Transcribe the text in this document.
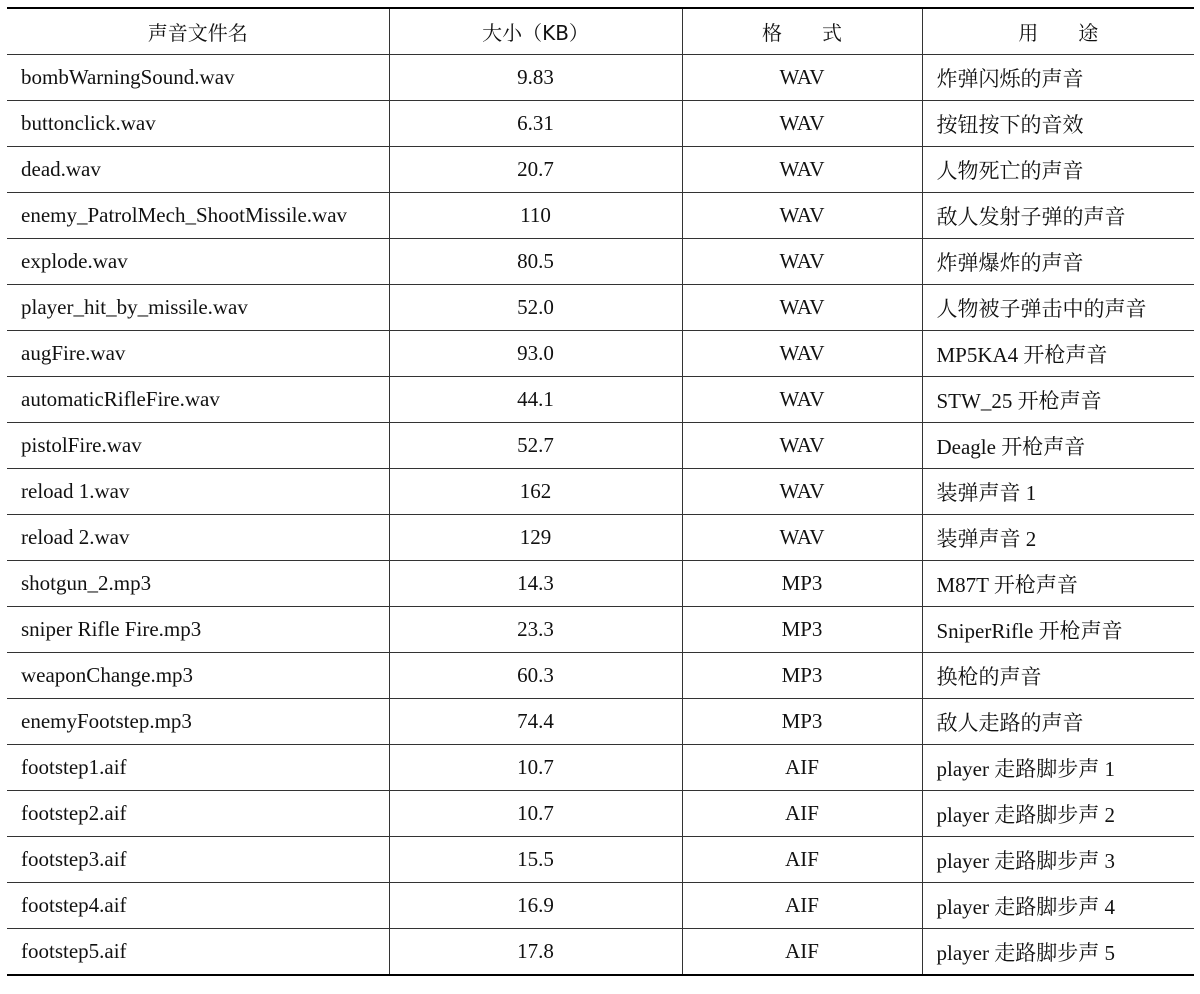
声音文件名	大小（KB）	格　　式	用　　途
bombWarningSound.wav	9.83	WAV	炸弹闪烁的声音
buttonclick.wav	6.31	WAV	按钮按下的音效
dead.wav	20.7	WAV	人物死亡的声音
enemy_PatrolMech_ShootMissile.wav	110	WAV	敌人发射子弹的声音
explode.wav	80.5	WAV	炸弹爆炸的声音
player_hit_by_missile.wav	52.0	WAV	人物被子弹击中的声音
augFire.wav	93.0	WAV	MP5KA4 开枪声音
automaticRifleFire.wav	44.1	WAV	STW_25 开枪声音
pistolFire.wav	52.7	WAV	Deagle 开枪声音
reload 1.wav	162	WAV	装弹声音 1
reload 2.wav	129	WAV	装弹声音 2
shotgun_2.mp3	14.3	MP3	M87T 开枪声音
sniper Rifle Fire.mp3	23.3	MP3	SniperRifle 开枪声音
weaponChange.mp3	60.3	MP3	换枪的声音
enemyFootstep.mp3	74.4	MP3	敌人走路的声音
footstep1.aif	10.7	AIF	player 走路脚步声 1
footstep2.aif	10.7	AIF	player 走路脚步声 2
footstep3.aif	15.5	AIF	player 走路脚步声 3
footstep4.aif	16.9	AIF	player 走路脚步声 4
footstep5.aif	17.8	AIF	player 走路脚步声 5
